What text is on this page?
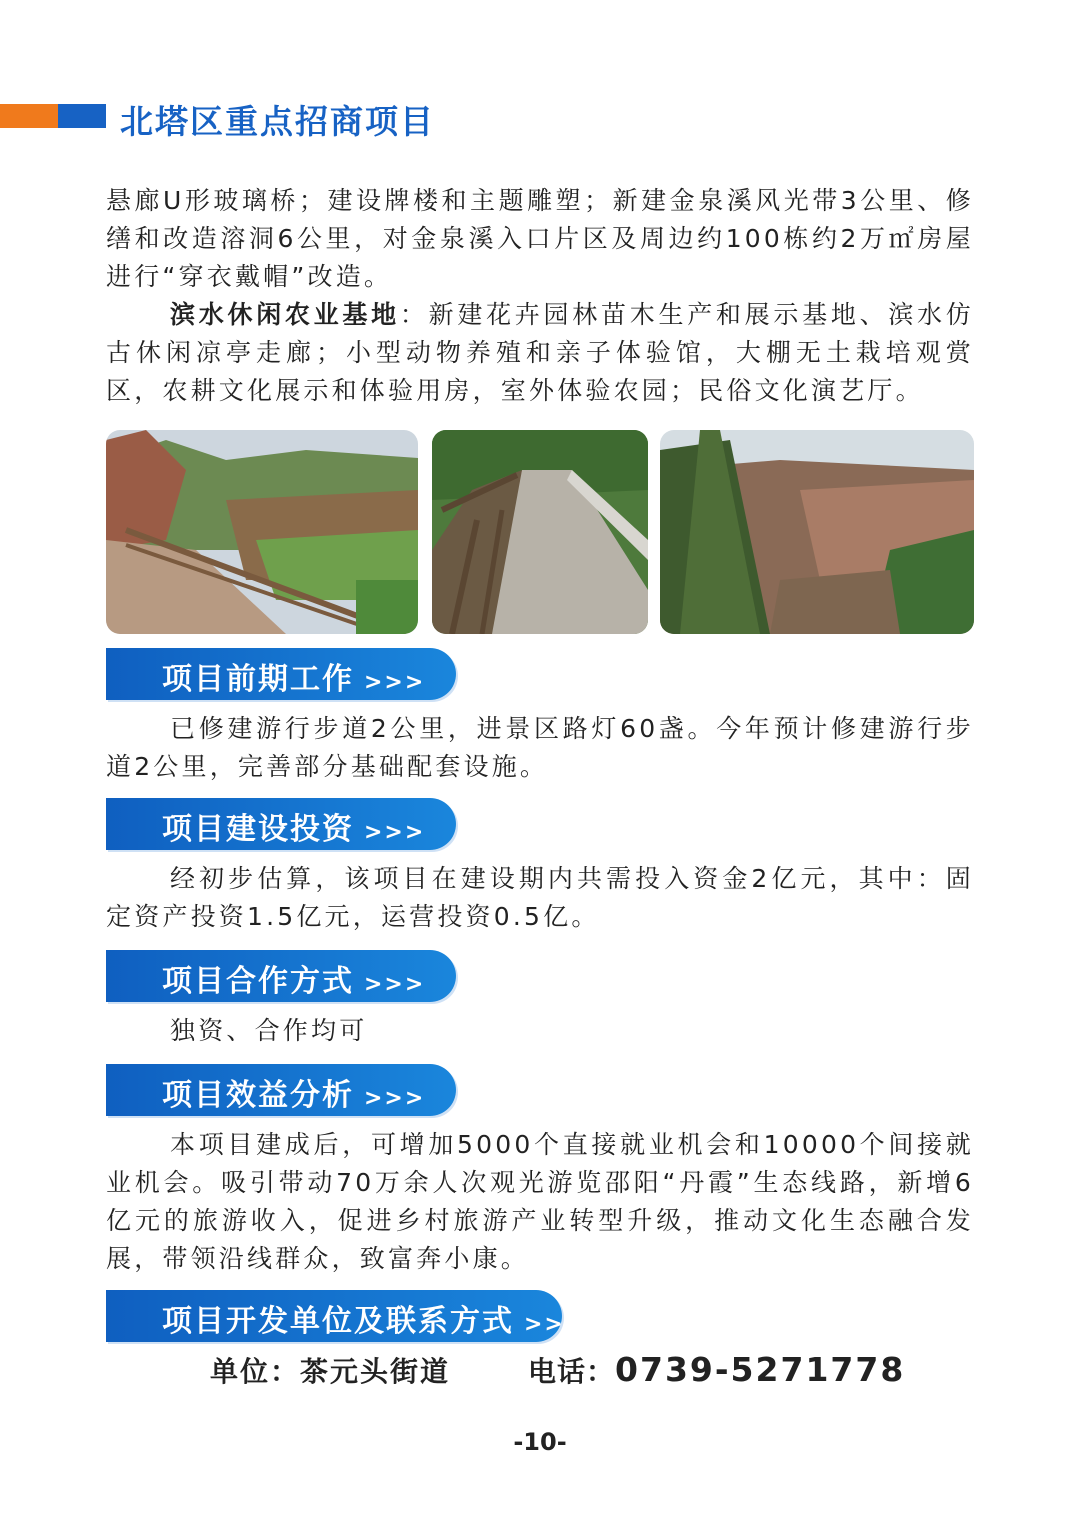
北塔区重点招商项目
悬廊U形玻璃桥；建设牌楼和主题雕塑；新建金泉溪风光带3公里、修缮和改造溶洞6公里，对金泉溪入口片区及周边约100栋约2万㎡房屋进行“穿衣戴帽”改造。
滨水休闲农业基地：新建花卉园林苗木生产和展示基地、滨水仿古休闲凉亭走廊；小型动物养殖和亲子体验馆，大棚无土栽培观赏区，农耕文化展示和体验用房，室外体验农园；民俗文化演艺厅。
项目前期工作 >>>
已修建游行步道2公里，进景区路灯60盏。今年预计修建游行步道2公里，完善部分基础配套设施。
项目建设投资 >>>
经初步估算，该项目在建设期内共需投入资金2亿元，其中：固定资产投资1.5亿元，运营投资0.5亿。
项目合作方式 >>>
独资、合作均可
项目效益分析 >>>
本项目建成后，可增加5000个直接就业机会和10000个间接就业机会。吸引带动70万余人次观光游览邵阳“丹霞”生态线路，新增6亿元的旅游收入，促进乡村旅游产业转型升级，推动文化生态融合发展，带领沿线群众，致富奔小康。
项目开发单位及联系方式 >>>
单位：茶元头街道	电话：0739-5271778
-10-
